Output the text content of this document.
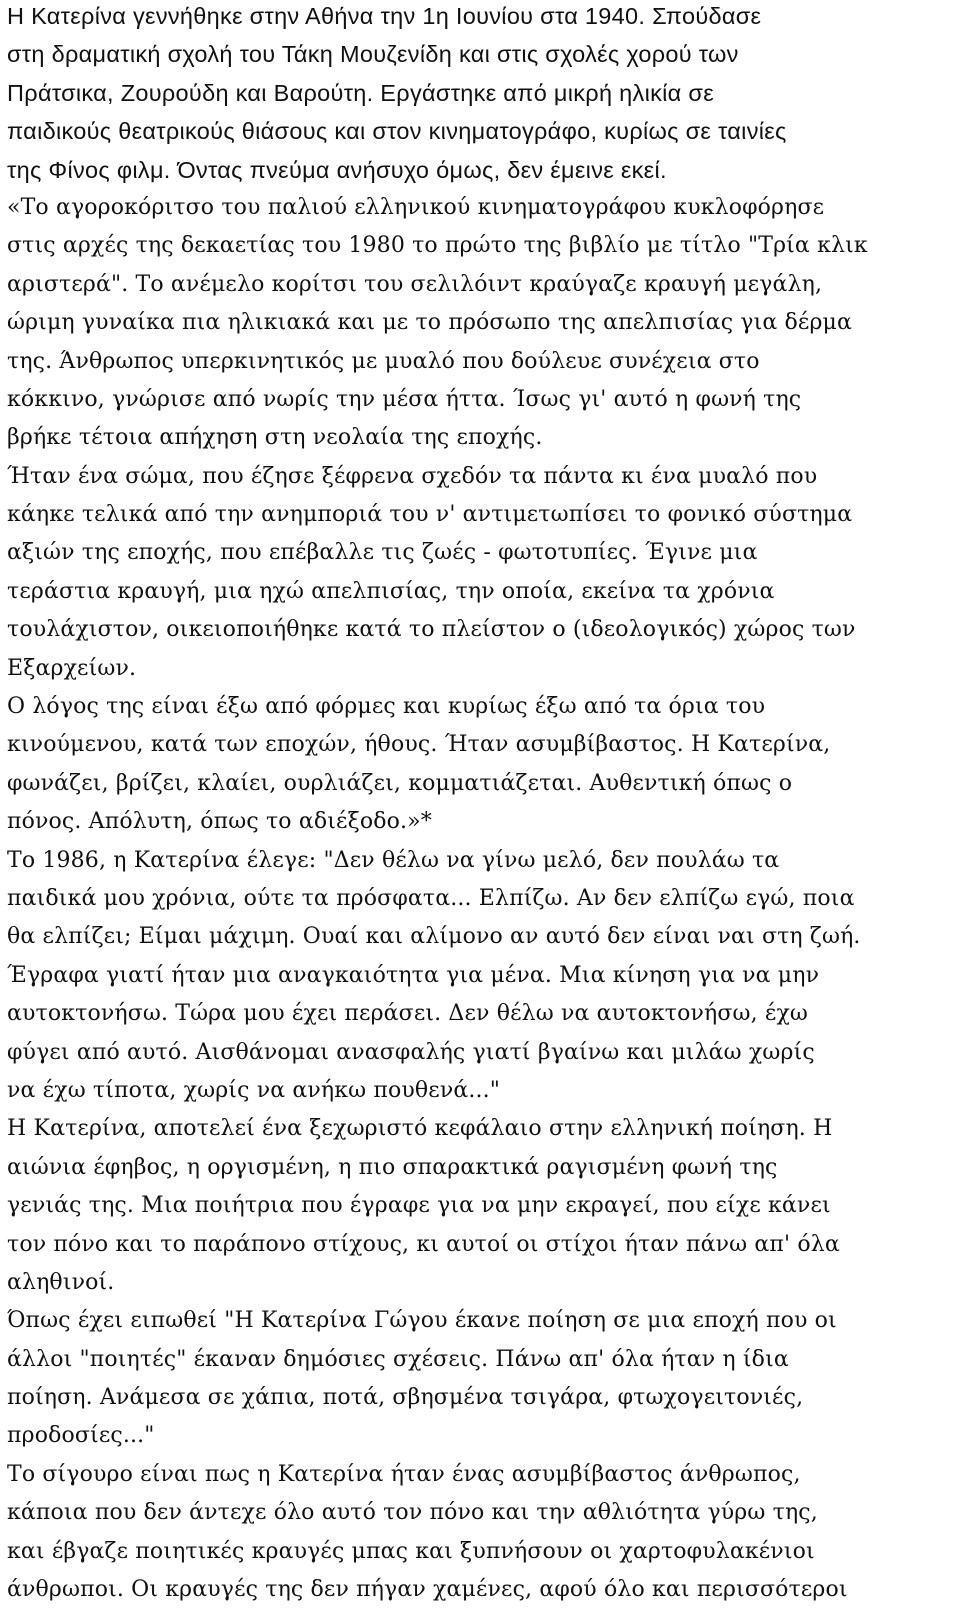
Η Κατερίνα γεννήθηκε στην Αθήνα την 1η Ιουνίου στα 1940. Σπούδασε
στη δραματική σχολή του Τάκη Μουζενίδη και στις σχολές χορού των
Πράτσικα, Ζουρούδη και Βαρούτη. Εργάστηκε από μικρή ηλικία σε
παιδικούς θεατρικούς θιάσους και στον κινηματογράφο, κυρίως σε ταινίες
της Φίνος φιλμ. Όντας πνεύμα ανήσυχο όμως, δεν έμεινε εκεί.
«Το αγοροκόριτσο του παλιού ελληνικού κινηματογράφου κυκλοφόρησε
στις αρχές της δεκαετίας του 1980 το πρώτο της βιβλίο με τίτλο "Τρία κλικ
αριστερά". Το ανέμελο κορίτσι του σελιλόιντ κραύγαζε κραυγή μεγάλη,
ώριμη γυναίκα πια ηλικιακά και με το πρόσωπο της απελπισίας για δέρμα
της. Άνθρωπος υπερκινητικός με μυαλό που δούλευε συνέχεια στο
κόκκινο, γνώρισε από νωρίς την μέσα ήττα. Ίσως γι' αυτό η φωνή της
βρήκε τέτοια απήχηση στη νεολαία της εποχής.
Ήταν ένα σώμα, που έζησε ξέφρενα σχεδόν τα πάντα κι ένα μυαλό που
κάηκε τελικά από την ανημποριά του ν' αντιμετωπίσει το φονικό σύστημα
αξιών της εποχής, που επέβαλλε τις ζωές - φωτοτυπίες. Έγινε μια
τεράστια κραυγή, μια ηχώ απελπισίας, την οποία, εκείνα τα χρόνια
τουλάχιστον, οικειοποιήθηκε κατά το πλείστον ο (ιδεολογικός) χώρος των
Εξαρχείων.
Ο λόγος της είναι έξω από φόρμες και κυρίως έξω από τα όρια του
κινούμενου, κατά των εποχών, ήθους. Ήταν ασυμβίβαστος. Η Κατερίνα,
φωνάζει, βρίζει, κλαίει, ουρλιάζει, κομματιάζεται. Αυθεντική όπως ο
πόνος. Απόλυτη, όπως το αδιέξοδο.»*
Το 1986, η Κατερίνα έλεγε: "Δεν θέλω να γίνω μελό, δεν πουλάω τα
παιδικά μου χρόνια, ούτε τα πρόσφατα... Ελπίζω. Αν δεν ελπίζω εγώ, ποια
θα ελπίζει; Είμαι μάχιμη. Ουαί και αλίμονο αν αυτό δεν είναι ναι στη ζωή.
Έγραφα γιατί ήταν μια αναγκαιότητα για μένα. Μια κίνηση για να μην
αυτοκτονήσω. Τώρα μου έχει περάσει. Δεν θέλω να αυτοκτονήσω, έχω
φύγει από αυτό. Αισθάνομαι ανασφαλής γιατί βγαίνω και μιλάω χωρίς
να έχω τίποτα, χωρίς να ανήκω πουθενά..."
Η Κατερίνα, αποτελεί ένα ξεχωριστό κεφάλαιο στην ελληνική ποίηση. Η
αιώνια έφηβος, η οργισμένη, η πιο σπαρακτικά ραγισμένη φωνή της
γενιάς της. Μια ποιήτρια που έγραφε για να μην εκραγεί, που είχε κάνει
τον πόνο και το παράπονο στίχους, κι αυτοί οι στίχοι ήταν πάνω απ' όλα
αληθινοί.
Όπως έχει ειπωθεί "Η Κατερίνα Γώγου έκανε ποίηση σε μια εποχή που οι
άλλοι "ποιητές" έκαναν δημόσιες σχέσεις. Πάνω απ' όλα ήταν η ίδια
ποίηση. Ανάμεσα σε χάπια, ποτά, σβησμένα τσιγάρα, φτωχογειτονιές,
προδοσίες..."
Το σίγουρο είναι πως η Κατερίνα ήταν ένας ασυμβίβαστος άνθρωπος,
κάποια που δεν άντεχε όλο αυτό τον πόνο και την αθλιότητα γύρω της,
και έβγαζε ποιητικές κραυγές μπας και ξυπνήσουν οι χαρτοφυλακένιοι
άνθρωποι. Οι κραυγές της δεν πήγαν χαμένες, αφού όλο και περισσότεροι
